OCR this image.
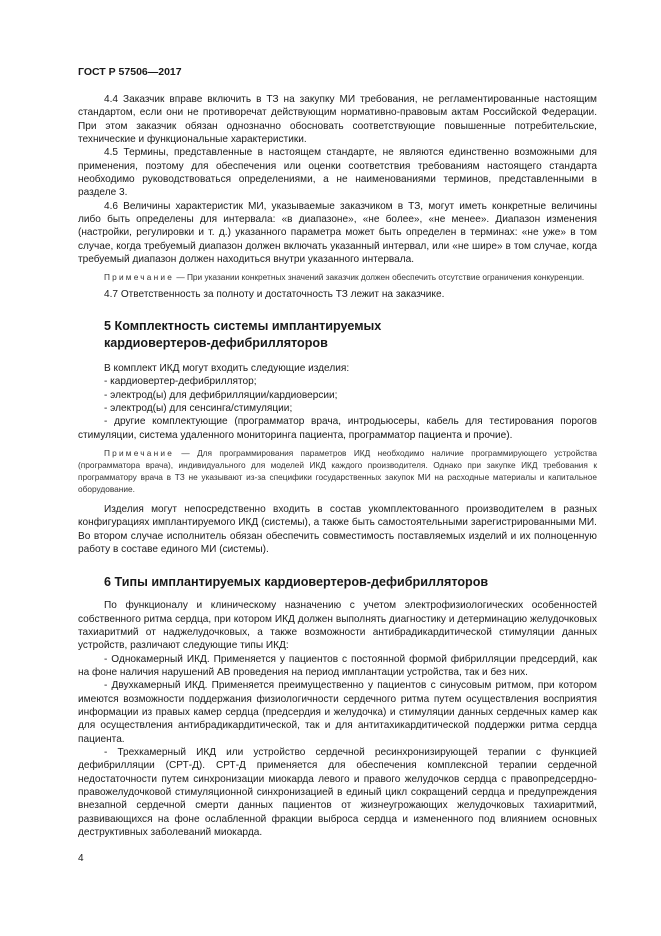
ГОСТ Р 57506—2017

4.4 Заказчик вправе включить в ТЗ на закупку МИ требования, не регламентированные настоящим стандартом, если они не противоречат действующим нормативно-правовым актам Российской Федерации. При этом заказчик обязан однозначно обосновать соответствующие повышенные потребительские, технические и функциональные характеристики.

4.5 Термины, представленные в настоящем стандарте, не являются единственно возможными для применения, поэтому для обеспечения или оценки соответствия требованиям настоящего стандарта необходимо руководствоваться определениями, а не наименованиями терминов, представленными в разделе 3.

4.6 Величины характеристик МИ, указываемые заказчиком в ТЗ, могут иметь конкретные величины либо быть определены для интервала: «в диапазоне», «не более», «не менее». Диапазон изменения (настройки, регулировки и т. д.) указанного параметра может быть определен в терминах: «не уже» в том случае, когда требуемый диапазон должен включать указанный интервал, или «не шире» в том случае, когда требуемый диапазон должен находиться внутри указанного интервала.

Примечание — При указании конкретных значений заказчик должен обеспечить отсутствие ограничения конкуренции.

4.7 Ответственность за полноту и достаточность ТЗ лежит на заказчике.

5 Комплектность системы имплантируемых
кардиовертеров-дефибрилляторов

В комплект ИКД могут входить следующие изделия:

- кардиовертер-дефибриллятор;

- электрод(ы) для дефибрилляции/кардиоверсии;

- электрод(ы) для сенсинга/стимуляции;

- другие комплектующие (программатор врача, интродьюсеры, кабель для тестирования порогов стимуляции, система удаленного мониторинга пациента, программатор пациента и прочие).

Примечание — Для программирования параметров ИКД необходимо наличие программирующего устройства (программатора врача), индивидуального для моделей ИКД каждого производителя. Однако при закупке ИКД требования к программатору врача в ТЗ не указывают из-за специфики государственных закупок МИ на расходные материалы и капитальное оборудование.

Изделия могут непосредственно входить в состав укомплектованного производителем в разных конфигурациях имплантируемого ИКД (системы), а также быть самостоятельными зарегистрированными МИ. Во втором случае исполнитель обязан обеспечить совместимость поставляемых изделий и их полноценную работу в составе единого МИ (системы).

6 Типы имплантируемых кардиовертеров-дефибрилляторов

По функционалу и клиническому назначению с учетом электрофизиологических особенностей собственного ритма сердца, при котором ИКД должен выполнять диагностику и детерминацию желудочковых тахиаритмий от наджелудочковых, а также возможности антибрадикардитической стимуляции данных устройств, различают следующие типы ИКД:

- Однокамерный ИКД. Применяется у пациентов с постоянной формой фибрилляции предсердий, как на фоне наличия нарушений АВ проведения на период имплантации устройства, так и без них.

- Двухкамерный ИКД. Применяется преимущественно у пациентов с синусовым ритмом, при котором имеются возможности поддержания физиологичности сердечного ритма путем осуществления восприятия информации из правых камер сердца (предсердия и желудочка) и стимуляции данных сердечных камер как для осуществления антибрадикардитической, так и для антитахикардитической поддержки ритма сердца пациента.

- Трехкамерный ИКД или устройство сердечной ресинхронизирующей терапии с функцией дефибрилляции (СРТ-Д). СРТ-Д применяется для обеспечения комплексной терапии сердечной недостаточности путем синхронизации миокарда левого и правого желудочков сердца с правопредсердно-правожелудочковой стимуляционной синхронизацией в единый цикл сокращений сердца и предупреждения внезапной сердечной смерти данных пациентов от жизнеугрожающих желудочковых тахиаритмий, развивающихся на фоне ослабленной фракции выброса сердца и измененного под влиянием основных деструктивных заболеваний миокарда.

4
